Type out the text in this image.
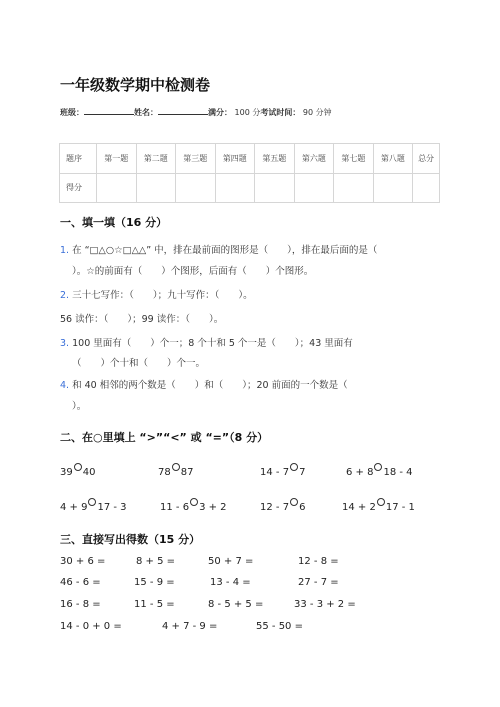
一年级数学期中检测卷
班级：	姓名：	满分： 100 分考试时间： 90 分钟
题序	第一题	第二题	第三题	第四题	第五题	第六题	第七题	第八题	总分
得分									
一、填一填（16 分）
1. 在 “□△○☆□△△” 中，排在最前面的图形是（　　），排在最后面的是（
）。☆的前面有（　　）个图形，后面有（　　）个图形。
2. 三十七写作：（　　）；九十写作：（　　）。
56 读作：（　　）；99 读作：（　　）。
3. 100 里面有（　　）个一；8 个十和 5 个一是（　　）；43 里面有
（　　）个十和（　　）个一。
4. 和 40 相邻的两个数是（　　）和（　　）；20 前面的一个数是（
）。
二、在○里填上 “>”“<” 或 “=”（8 分）
39 40	78 87	14 - 7 7	6 + 8 18 - 4
4 + 9 17 - 3	11 - 6 3 + 2	12 - 7 6	14 + 2 17 - 1
三、直接写出得数（15 分）
30 + 6 =	8 + 5 =	50 + 7 =	12 - 8 =
46 - 6 =	15 - 9 =	13 - 4 =	27 - 7 =
16 - 8 =	11 - 5 =	8 - 5 + 5 =	33 - 3 + 2 =
14 - 0 + 0 =	4 + 7 - 9 =	55 - 50 =
